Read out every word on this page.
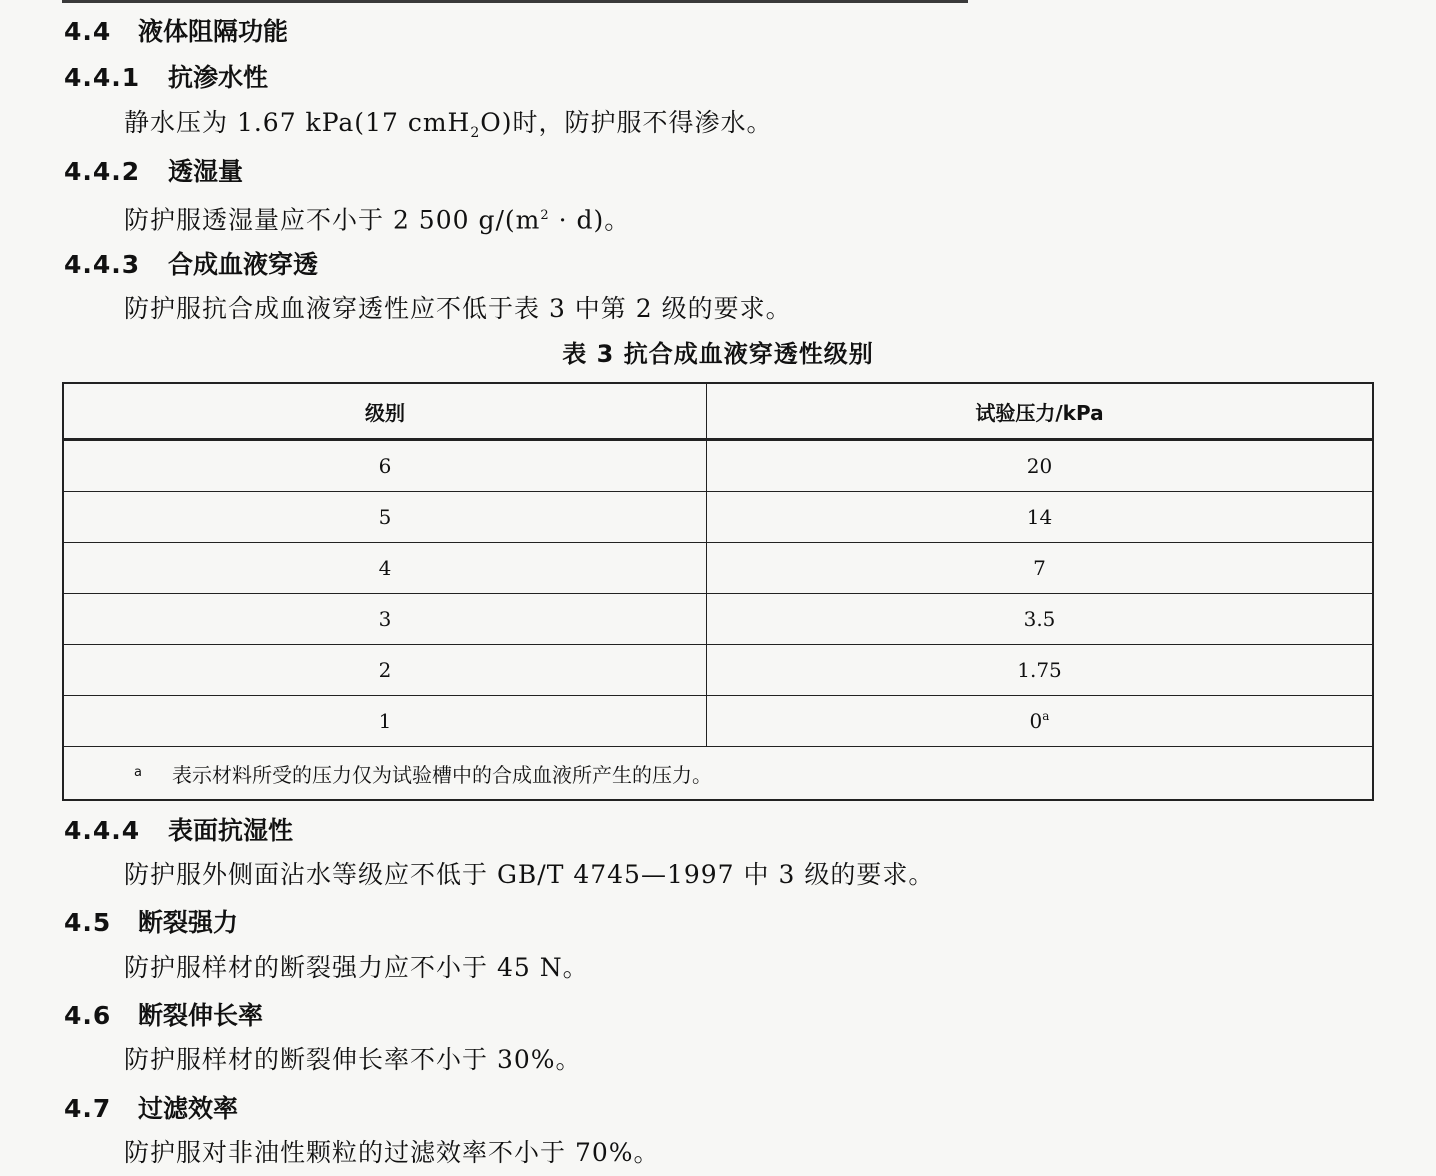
4.4 液体阻隔功能
4.4.1 抗渗水性
静水压为 1.67 kPa(17 cmH$_2$O)时，防护服不得渗水。
4.4.2 透湿量
防护服透湿量应不小于 2 500 $g/(m^2 \cdot d)$。
4.4.3 合成血液穿透
防护服抗合成血液穿透性应不低于表 3 中第 2 级的要求。
表 3 抗合成血液穿透性级别
级别	试验压力/kPa
6	20
5	14
4	7
3	3.5
2	1.75
1	0$^a$
$^a$ 表示材料所受的压力仅为试验槽中的合成血液所产生的压力。	
4.4.4 表面抗湿性
防护服外侧面沾水等级应不低于 GB/T 4745—1997 中 3 级的要求。
4.5 断裂强力
防护服样材的断裂强力应不小于 45 N。
4.6 断裂伸长率
防护服样材的断裂伸长率不小于 30%。
4.7 过滤效率
防护服对非油性颗粒的过滤效率不小于 70%。
